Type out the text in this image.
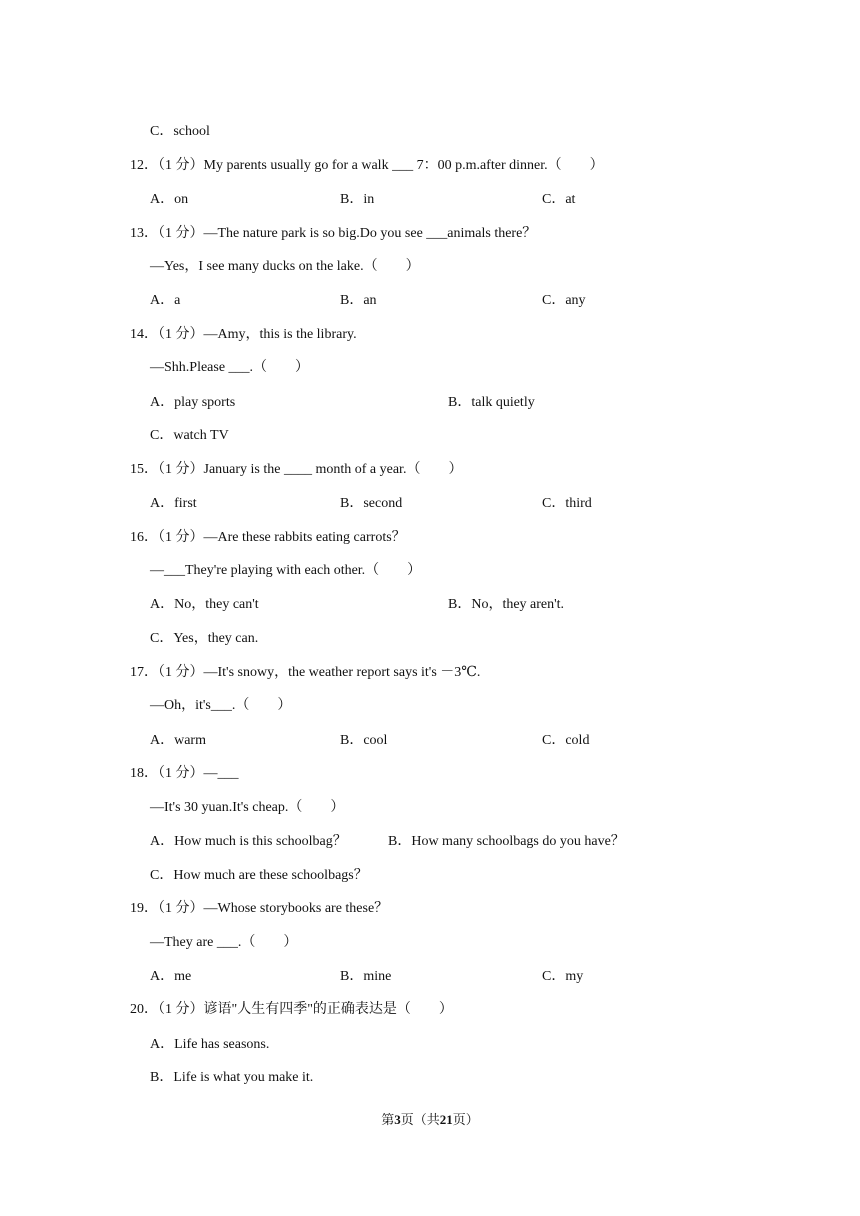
C．school
12．（1 分）My parents usually go for a walk ___ 7：00 p.m.after dinner.（　　）
A．on	B．in	C．at
13．（1 分）—The nature park is so big.Do you see ___animals there？
—Yes，I see many ducks on the lake.（　　）
A．a	B．an	C．any
14．（1 分）—Amy，this is the library.
—Shh.Please ___.（　　）
A．play sports	B．talk quietly
C．watch TV
15．（1 分）January is the ____ month of a year.（　　）
A．first	B．second	C．third
16．（1 分）—Are these rabbits eating carrots？
—___They're playing with each other.（　　）
A．No，they can't	B．No，they aren't.
C．Yes，they can.
17．（1 分）—It's snowy，the weather report says it's －3℃.
—Oh，it's___.（　　）
A．warm	B．cool	C．cold
18．（1 分）—___
—It's 30 yuan.It's cheap.（　　）
A．How much is this schoolbag？	B．How many schoolbags do you have？
C．How much are these schoolbags？
19．（1 分）—Whose storybooks are these？
—They are ___.（　　）
A．me	B．mine	C．my
20．（1 分）谚语"人生有四季"的正确表达是（　　）
A．Life has seasons.
B．Life is what you make it.
第3页（共21页）
